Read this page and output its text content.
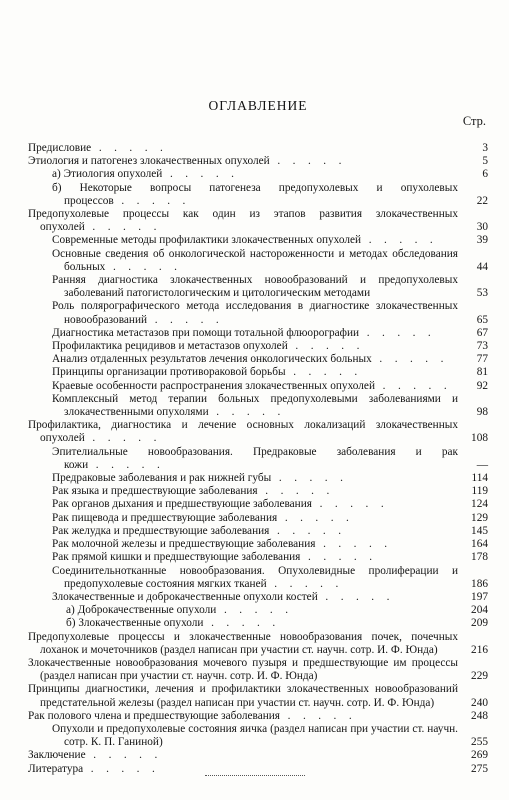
ОГЛАВЛЕНИЕ
Стр.
Предисловие . .	3
Этиология и патогенез злокачественных опухолей . .	5
а) Этиология опухолей . .	6
б) Некоторые вопросы патогенеза предопухолевых и опухолевых процессов . .	22
Предопухолевые процессы как один из этапов развития злокачественных опухолей . .	30
Современные методы профилактики злокачественных опухолей . .	39
Основные сведения об онкологической настороженности и методах обследования больных . .	44
Ранняя диагностика злокачественных новообразований и предопухолевых заболеваний патогистологическим и цитологическим методами	53
Роль полярографического метода исследования в диагностике злокачественных новообразований . .	65
Диагностика метастазов при помощи тотальной флюорографии . .	67
Профилактика рецидивов и метастазов опухолей . .	73
Анализ отдаленных результатов лечения онкологических больных . .	77
Принципы организации противораковой борьбы . .	81
Краевые особенности распространения злокачественных опухолей . .	92
Комплексный метод терапии больных предопухолевыми заболеваниями и злокачественными опухолями . .	98
Профилактика, диагностика и лечение основных локализаций злокачественных опухолей . .	108
Эпителиальные новообразования. Предраковые заболевания и рак кожи . .	—
Предраковые заболевания и рак нижней губы . .	114
Рак языка и предшествующие заболевания . .	119
Рак органов дыхания и предшествующие заболевания . .	124
Рак пищевода и предшествующие заболевания . .	129
Рак желудка и предшествующие заболевания . .	145
Рак молочной железы и предшествующие заболевания . .	164
Рак прямой кишки и предшествующие заболевания . .	178
Соединительнотканные новообразования. Опухолевидные пролиферации и предопухолевые состояния мягких тканей . .	186
Злокачественные и доброкачественные опухоли костей . .	197
а) Доброкачественные опухоли . .	204
б) Злокачественные опухоли . .	209
Предопухолевые процессы и злокачественные новообразования почек, почечных лоханок и мочеточников (раздел написан при участии ст. научн. сотр. И. Ф. Юнда)	216
Злокачественные новообразования мочевого пузыря и предшествующие им процессы (раздел написан при участии ст. научн. сотр. И. Ф. Юнда)	229
Принципы диагностики, лечения и профилактики злокачественных новообразований предстательной железы (раздел написан при участии ст. научн. сотр. И. Ф. Юнда)	240
Рак полового члена и предшествующие заболевания . .	248
Опухоли и предопухолевые состояния яичка (раздел написан при участии ст. научн. сотр. К. П. Ганиной)	255
Заключение . .	269
Литература . .	275
